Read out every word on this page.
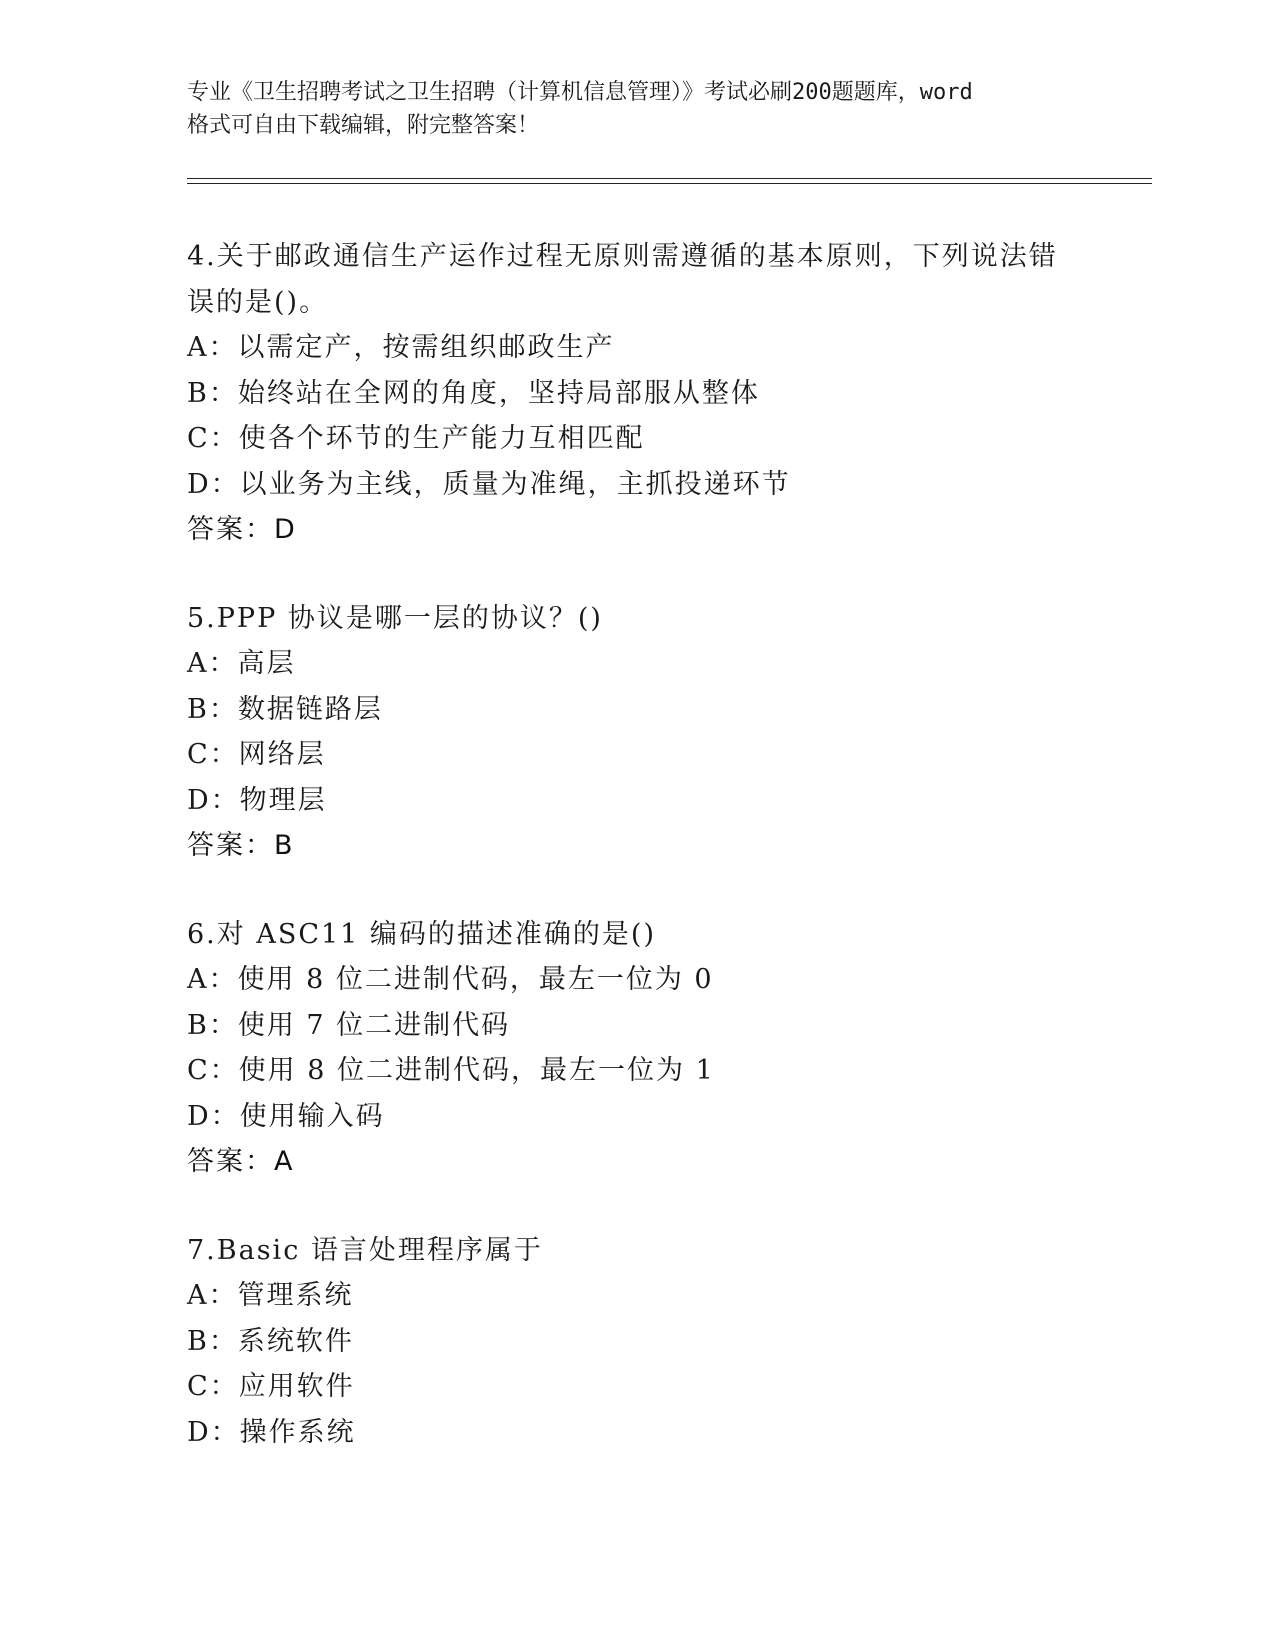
专业《卫生招聘考试之卫生招聘（计算机信息管理）》考试必刷200题题库，word
格式可自由下载编辑，附完整答案！
4.关于邮政通信生产运作过程无原则需遵循的基本原则，下列说法错误的是()。
A：以需定产，按需组织邮政生产
B：始终站在全网的角度，坚持局部服从整体
C：使各个环节的生产能力互相匹配
D：以业务为主线，质量为准绳，主抓投递环节
答案：D
5.PPP 协议是哪一层的协议？()
A：高层
B：数据链路层
C：网络层
D：物理层
答案：B
6.对 ASC11 编码的描述准确的是()
A：使用 8 位二进制代码，最左一位为 0
B：使用 7 位二进制代码
C：使用 8 位二进制代码，最左一位为 1
D：使用输入码
答案：A
7.Basic 语言处理程序属于
A：管理系统
B：系统软件
C：应用软件
D：操作系统
